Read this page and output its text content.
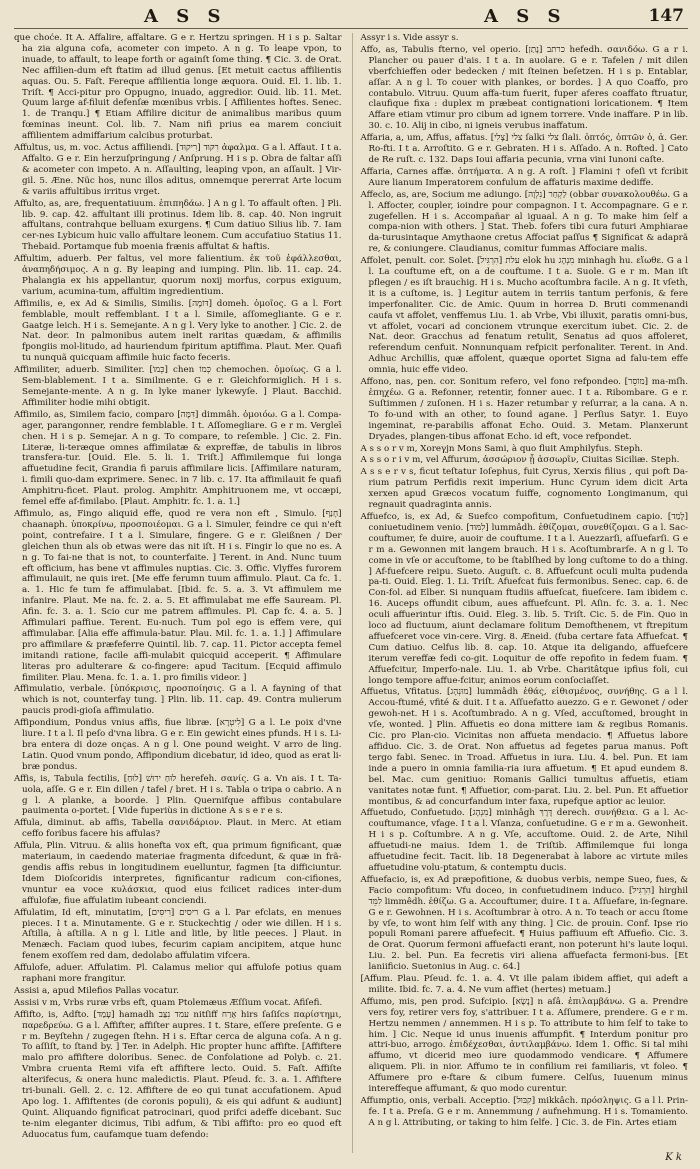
A S S	A S S	147

que choće. It A. Affalire, affaltare. G e r. Hertzu springen. H i s p. Saltar ha zia alguna cofa, acometer con impeto. A n g. To leape vpon, to inuade, to affault, to leape forth or againſt ſome thing. ¶ Cic. 3. de Orat. Nec affilien-dum eft ftatim ad illud genus. [Et metuit cactus affilientis aquas. Ou. 5. Faſt. Fereque affilientia longe æquora. Ouid. El. 1. lib. 1. Triſt. ¶ Acci-pitur pro Oppugno, inuado, aggredior. Ouid. lib. 11. Met. Quum large af-filuit defenſæ mœnibus vrbis. [ Affilientes hoftes. Senec. 1. de Tranqu.] ¶ Etiam Affilire dicitur de animalibus maribus quum fœminas ineunt. Col. lib. 7. Nam nifi prius ea marem conciuit affilientem admiffarium calcibus proturbat.

Affultus, us, m. voc. Actus affiliendi. [רִיקוּד] רִקּוּד ἀφαλμα. G a l. Affaut. I t a. Affalto. G e r. Ein herzuſpringung / Anſprung. H i s p. Obra de faltar aſſi & acometer con impeto. A n. Aſſaulting, leaping vpon, an aſſault. ] Vir-gil. 5. Æne. Nüc hos, nunc illos aditus, omnemque pererrat Arte locum & variis affultibus irritus vrget.

Affulto, as, are, frequentatiuum. ἐπιπηδάω. ] A n g l. To affault often. ] Pli. lib. 9. cap. 42. affultant illi protinus. Idem lib. 8. cap. 40. Non ingruit affultans, contrahque belluam exurgens. ¶ Cum datiuo Silius lib. 7. Iam cer-nes Lybicum huic vallo affultare leonem. Cum accufatiuo Statius 11. Thebaid. Portamque fub moenia frænis affultat & haftis.

Affultim, aduerb. Per faltus, vel more falientium. ἐκ τοῦ ἐφάλλεσθαι, ἀναπηδήσιμος. A n g. By leaping and iumping. Plin. lib. 11. cap. 24. Phalangia ex his appellantur, quorum noxij morfus, corpus exiguum, varium, acumina-tum, affultim ingredientium.

Affimilis, e, ex Ad & Similis, Similis. [דּוֹמֶה] domeh. ὁμοῖος. G a l. Fort femblable, moult reffemblant. I t a l. Simile, aſſomegliante. G e r. Gaatge leich. H i s. Semejante. A n g l. Very lyke to another. ] Cic. 2. de Nat. deor. In palmonibus autem inelt raritas quædam, & affimilis fpongiis mol-litudo, ad hauriendum fpiritum aptiffima. Plaut. Mer. Quafi tu nunquã quicquam affimile huic facto feceris.

Affimiliter, aduerb. Similiter. [כְּמוֹ] chen כְּמוֹ chemochen. ὁμοίως. G a l. Sem-blablement. I t a. Similmente. G e r. Gleichformiglich. H i s. Semejante-mente. A n g. In lyke maner lykewyſe. ] Plaut. Bacchid. Affimiliter hodie mihi obtigit.

Affimilo, as, Similem facio, comparo [דִּמָּה] dimmâh. ὁμοιόω. G a l. Compa-ager, parangonner, rendre femblable. I t. Aſſomegliare. G e r m. Vergleī chen. H i s p. Semejar. A n g. To compare, to reſemble. ] Cic. 2. Fin. Literæ, li-teræque omnes affimilatæ & expreffæ, de tabulis in libros transfera-tur. [Ouid. Ele. 5. li. 1. Triſt.] Affimilemque fui longa affuetudine fecit, Grandia fi paruis affimilare licis. [Affimilare naturam, i. fimili quo-dam exprimere. Senec. in 7 lib. c. 17. Ita affimilauit fe quafi Amphitru-ficet. Plaut. prolog. Amphitr. Amphitruonem me, vt occæpi, femel effe af-fimilabo. [Plaut. Amphitr. fc. 1. a. 1.]

Affimulo, as, Fingo aliquid effe, quod re vera non eft , Simulo. [חָנַף] chaanaph. ὑποκρίνω, προσποιέομαι. G a l. Simuler, feindre ce qui n'eft point, contrefaire. I t a l. Simulare, fingere. G e r. Gleißnen / Der gleichen thun als ob etwas were das nit iſt. H i s. Fingir lo que no es. A n g. To fai-ne that is not, to counterfaite. ] Terent. in And. Nunc tuum eft officium, has bene vt affimules nuptias. Cic. 3. Offic. Vlyffes furorem affimulauit, ne quis iret. [Me effe ferumn tuum affimulo. Plaut. Ca fc. 1. a. 1. Hic fe tum fe affimulabat. [Ibid. fc. 5. a. 3. Vt affimulem me infanire. Plaut. Me na. fc. 2. a. 5. Et affimulabat me effe Sauream. Pl. Afin. fc. 3. a. 1. Scio cur me patrem affimules. Pl. Cap fc. 4. a. 5. ] Affimulari paffiue. Terent. Eu-nuch. Tum pol ego is effem vere, qui affimulabar. [Alia effe affimula-batur. Plau. Mil. fc. 1. a. 1.] ] Affimulare pro affimilare & præfeferre Quintil. lib. 7. cap. 11. Pictor accepta femel imitandi ratione, facile affi-mulabit quicquid acceperit. ¶ Affimulare literas pro adulterare & co-fingere: apud Tacitum. [Ecquid affimulo fimiliter. Plau. Mena. fc. 1. a. 1. pro fimilis videor. ]

Affimulatio, verbale. [ὑπόκρισις, προσποίησις. G a l. A fayning of that which is not, counterfay tung. ] Plin. lib. 11. cap. 49. Contra mulierum paucis prodi-gioſa affimulatio.

Affipondium, Pondus vnius affis, fiue libræ. [לִיטְרָא] G a l. Le poix d'vne liure. I t a l. Il peſo d'vna libra. G e r. Ein gewicht eines pfunds. H i s. Li-bra entera di doze onças. A n g l. One pound weight. V arro de ling. Latin. Quod vnum pondo, Affipondium dicebatur, id ideo, quod as erat li-bræ pondus.

Affis, is, Tabula fectilis, [לוּחַ] לוּחַ ירוּשׁ herefeh. σανίς. G a. Vn ais. I t. Ta-uola, aſſe. G e r. Ein dillen / tafel / bret. H i s. Tabla o tripa o cabrio. A n g l. A planke, a boorde. ] Plin. Quernifque affibus contabulare pauimenta o-portet. [ Vide fuperiùs in dictione A s s e r e s.

Affula, diminut. ab affis, Tabella σανιδάριον. Plaut. in Merc. At etiam ceffo foribus facere his affulas?

Affula, Plin. Vitruu. & aliis honefta vox eft, qua primum fignificant, quæ materiaum, in caedendo materiae fragmenta difcedunt, & quæ in frã-gendis affis rebus in longitudinem euelluntur, fagmen [ta difficiuntur. Idem Dioſcoridis interpretes, fignificantur radicum con-cifiones, vnuntur ea voce κυλάσκια, quod eius fcilicet radices inter-dum affulofæ, fiue affulatim iubeant conciendi.

Affulatim, Id eft, minutatim, [רִיסִּים] ריסים G a l. Par efclats, en menues pieces. I t a. Minutamente. G e r. Stuckechtig / oder wie dillen. H i s. Aſtilla, à aſtilla. A n g l. Litle and litle, by litle peeces. ] Plaut. in Menæch. Faciam quod iubes, fecurim capiam ancipitem, atque hunc fenem exoſſem red dam, dedolabo affulatim vifcera.

Affulofe, aduer. Affulatim. Pl. Calamus melior qui affulofe potius quam raphani more frangitur.

Assisi a, apud Milefios Pallas vocatur.

Assisi v m, Vrbs ruræ vrbs eft, quam Ptolemæus Æſſium vocat. Afiſefi.

Affifto, is, Adfto. [עָמַד] hamadh עמד נִצַּב nitſiff אָרַח hirs ſaſiſcs παρίστημι, παρεδρεύω. G a l. Affifter, affiſter aupres. I t. Stare, eſſere preſente. G e r m. Beyſtehn / zugegen ſtehn. H i s. Eftar cerca de alguna coſa. A n g. To aſſiſt, to ſtand by. ] Ter. in Adelph. Hic propter hunc affifte. [Affiftere malo pro affiftere doloribus. Senec. de Confolatione ad Polyb. c. 21. Vmbra cruenta Remi vifa eft affiftere lecto. Ouid. 5. Faſt. Affiſte alterifecus, & onera hunc maledictis. Plaut. Pſeud. fc. 3. a. 1. Affiftere tri-bunali. Gell. 2. c. 12. Affiftere de eo qui tunat accufationem. Apud Apo log. 1. Affiftentes (de coronis populi), & eis qui adfunt & audiunt] Quint. Aliquando fignificat patrocinari, quod prifci adeffe dicebant. Suc te-nim eleganter dicimus, Tibi adfum, & Tibi affifto: pro eo quod eft Aduocatus fum, caufamque tuam defendo:

Assyr i s. Vide assyr s.

Affo, as, Tabulis fterno, vel operio. [נָתַן] כרתב hefedh. σανιδόω. G a r i. Plancher ou pauer d'ais. I t a. In auolare. G e r. Tafelen / mit dilen vberfchieffen oder bedecken / mit ſteinen beſetzen. H i s p. Entablar, aſſar. A n g l. To couer with plankes, or bordes. ] A quo Coaffo, pro contabulo. Vitruu. Quum affa-tum fuerit, fuper aferes coaffato ftruatur, claufique fixa : duplex m præbeat contignationi loricationem. ¶ Item Affare etiam vtimur pro cibum ad ignem torrere. Vnde inaffare. P in lib. 30. c. 10. Alij in cibo, ni igneis verubus inaffatum.

Affaria, a, um, Affus, affatus. [צָלִי] צלי ſalki צלי ſlali. ὀπτός, ὀπτῶν ὁ, ἀ. Ger. Ro-fti. I t a. Arroſtito. G e r. Gebraten. H i s. Aſſado. A n. Rofted. ] Cato de Re ruſt. c. 132. Daps Ioui affaria pecunia, vrna vini Iunoni caſte.

Affaria, Carnes affæ. ὀπτήματα. A n g. A roſt. ] Flamini † ofeſi vt fcribit Aure lianum Imperatorem confulum de affaturis maxime dediffe.

Affeclo, as, are, Socium me adiungo. [נִלְוָה] לַקְחַר (obbar συνακολουθέω. G a l. Affocter, coupler, ioindre pour compagnon. I t. Accompagnare. G e r. zugefellen. H i s. Accompañar al iguaal. A n g. To make him ſelf a compa-nion with others. ] Stat. Theb. fofers tibi cura futuri Amphiarae da-turusintaque Amythaone cretus Affociat paſſus ¶ Significat & adaprã re, & coniungere. Claudianus, comitur fummas Affociare malis.

Affolet, penult. cor. Solet. [הִרְגִּיל] עלת elok hu מִנְהָג minhagh hu. εἴωθε. G a l l. La couftume eft, on a de couftume. I t a. Suole. G e r m. Man iſt pflegen / es iſt brauchig. H i s. Mucho acoſtumbra facile. A n g. It vſeth, it is a cuſtome, is. ] Legitur autem in terriis tantum perfonis, & fere imperfonaliter. Cic. de Amic. Quum in horrea D. Bruti commenandi caufa vt affolet, venffemus Liu. 1. ab Vrbe, Vbi illuxit, paratis omni-bus, vt affolet, vocari ad concionem vtrunque exercitum iubet. Cic. 2. de Nat. deor. Gracchus ad fenatum retulit, Senatus ad quos affoleret, referendum cenfuit. Nonnunquam refpicit perfonaliter. Terent. in And. Adhuc Archillis, quæ affolent, quæque oportet Signa ad falu-tem effe omnia, huic effe video.

Affono, nas, pen. cor. Sonitum refero, vel fono refpondeo. [מוֹסֵר] ma-mſh. ἐπηχέω. G a. Refonner, retentir, fonner auec. I t a. Ribombare. G e r. Suſtimmen / zuſonen. H i s. Hazer retumbar y reſurrar, a la cana. A n. To fo-und with an other, to ſound agane. ] Perſius Satyr. 1. Euyo ingeminat, re-parabilis affonat Echo. Ouid. 3. Metam. Planxerunt Dryades, plangen-tibus affonat Echo. id eft, voce refpondet.

A s s o r v m, Xoreγjn Mons Sami, à quo fluit Amphilyfus. Steph.

A s s o r i v m, vel Affurum, ἀσσώριον ᾖ ἀσσωρῖν, Ciuitas Siciliæ. Steph.

A s s e r v s, ficut teſtatur Ioſephus, fuit Cyrus, Xerxis filius , qui poft Da-rium patrum Perfidis rexit imperium. Hunc Cyrum idem dicit Arta xerxen apud Græcos vocatum fuiffe, cognomento Longimanum, qui regnauit quadraginta annis.

Affuefco, is, ex Ad, & Suefco compofitum, Confuetudinem capio. [לָמַד] coniuetudinem venio. [לִמּוּד] lummâdh. ἐθίζομαι, συνεθίζομαι. G a l. Sac-couftumer, fe duire, auoir de couftume. I t a l. Auezzarſi, aſſuefarſi. G e r m a. Gewonnen mit langem brauch. H i s. Acoſtumbrarſe. A n g l. To come in vſe or accuſtome, to be ſtablſhed by long cuſtome to do a thing. ] Af-fuefcere reipu. Sueto. Auguſt. c. 8. Affuefcunt oculi multa pudenda pa-ti. Ouid. Eleg. 1. Li. Triſt. Afuefcat fuis fermonibus. Senec. cap. 6. de Con-fol. ad Elber. Si nunquam ftudiis affueſcat, fiueſcere. Iam ibidem c. 16. Auceps offundit cibum, aues affuefcunt. Pl. Aſin. fc. 3. a. 1. Nec oculi affuerintur iftis. Ouid. Eleg. 3. lib. 5. Triſt. Cic. 5. de Fin. Quo in loco ad fluctuum, aiunt declamare folitum Demofthenem, vt ftrepitum affuefceret voce vin-cere. Virg. 8. Æneid. (fuba certare fata Affuefcat. ¶ Cum datiuo. Celfus lib. 8. cap. 10. Atque ita deligando, affuefcere iterum vereffæ fedi co-git. Loquitur de offe repofito in fedem fuam. ¶ Affuefcitur, Imperfo-nale. Liu. 1. ab Vrbe. Charitâtque ipfius foli, cui longo tempore affue-fcitur, animos eorum conſociaſſet.

Affuetus, Vfitatus. [מוּנְהָג] lummâdh ἐθάς, εἰθισμένος, συνήθης. G a l l. Accou-ftumé, vfité & duit. I t a. Aſſuefatto auezzo. G e r. Gewonet / oder gewoh-net. H i s. Acoſtumbrado. A n g. Vſed, accuſtomed, brought in vſe, wonted. ] Plin. Affuetis eo dona mittere iam & regibus Romanis. Cic. pro Plan-cio. Vicinitas non affueta mendacio. ¶ Affuetus labore affiduo. Cic. 3. de Orat. Non affuetus ad fegetes parua manus. Poft tergo fabi. Senec. in Troad. Affuetus in iura. Liu. 4. bel. Pun. Et iam inde a puero in omnia familia-ria iura affuetum. ¶ Et apud eundem 8. bel. Mac. cum genitiuo: Romanis Gallici tumultus affuetis, etiam vanitates notæ funt. ¶ Affuetior, com-parat. Liu. 2. bel. Pun. Et affuetior montibus, & ad concurfandum inter faxa, rupefque aptior ac leuior.

Affuetudo, Confuetudo. [מִנְהָג] minhâgh דֶּרֶךְ derech. συνήθεια. G a l. Ac-couftumance, vfage. I t a l. Vſanza, conſuetudine. G e r m a. Gewonheit. H i s p. Coſtumbre. A n g. Vſe, accuſtome. Ouid. 2. de Arte, Nihil affuetudi-ne maius. Idem 1. de Triſtib. Affimilemque fui longa affuetudine fecit. Tacit. lib. 18 Degenerabat à labore ac virtute miles affuetudine volu-ptatum, & contemptu ducis.

Affuefacio, is, ex Ad præpofitione, & duobus verbis, nempe Sueo, fues, & Facio compofitum: Vfu doceo, in confuetudinem induco. [הִרְגִּיל] hirghil לִמֵּד limmêdh. ἐθίζω. G a. Accouftumer, duire. I t a. Aſſuefare, in-ſegnare. G e r. Gewohnen. H i s. Acoſtumbrar à otro. A n. To teach or accu ſtome by vſe, to wont him ſelf with any thing. ] Cic. de prouin. Conf. Ipse rio populi Romani parere affuefecit. ¶ Huius paffiuum eft Affuefio. Cic. 3. de Orat. Quorum fermoni affuefacti erant, non poterunt hi's laute loqui. Liu. 2. bel. Pun. Ea fecretis viri aliena affuefacta fermoni-bus. [Et laniificio. Suetonius in Aug. c. 64.]

[Affum. Plau. Pſeud. fc. 1. a. 4. Vt ille palam ibidem affiet, qui adeft a milite. Ibid. fc. 7. a. 4. Ne vum affiet (hertes) metuam.]

Affumo, mis, pen prod. Sufcipio. [נָשָׂא] n aſâ. ἐπιλαμβάνω. G a. Prendre vers foy, retirer vers foy, s'attribuer. I t a. Aſſumere, prendere. G e r m. Hertzu nemmen / annemmen. H i s p. To attribute to him ſelf to take to him. ] Cic. Neque id unus inuenis affumpfit. ¶ Interdum ponitur pro attri-buo, arrogo. ἐπιδέχεσθαι, ἀντιλαμβάνω. Idem 1. Offic. Si tal mihi affumo, vt dicerid meo iure quodammodo vendicare. ¶ Affumere aliquem. Pli. in nior. Affumo te in confilium rei familiaris, vt foleo. ¶ Affumere pro e-ftare & cibum fumere. Celſus, Iuuenum minus intereffeque affumant, & quo modo curentur.

Affumptio, onis, verbali. Acceptio. [קִבּוּל] mikkâch. πρόσληψις. G a l l. Prin-fe. I t a. Preſa. G e r m. Annemmung / aufnehmung. H i s. Tomamiento. A n g l. Attributing, or taking to him ſelfe. ] Cic. 3. de Fin. Artes etiam

K k
